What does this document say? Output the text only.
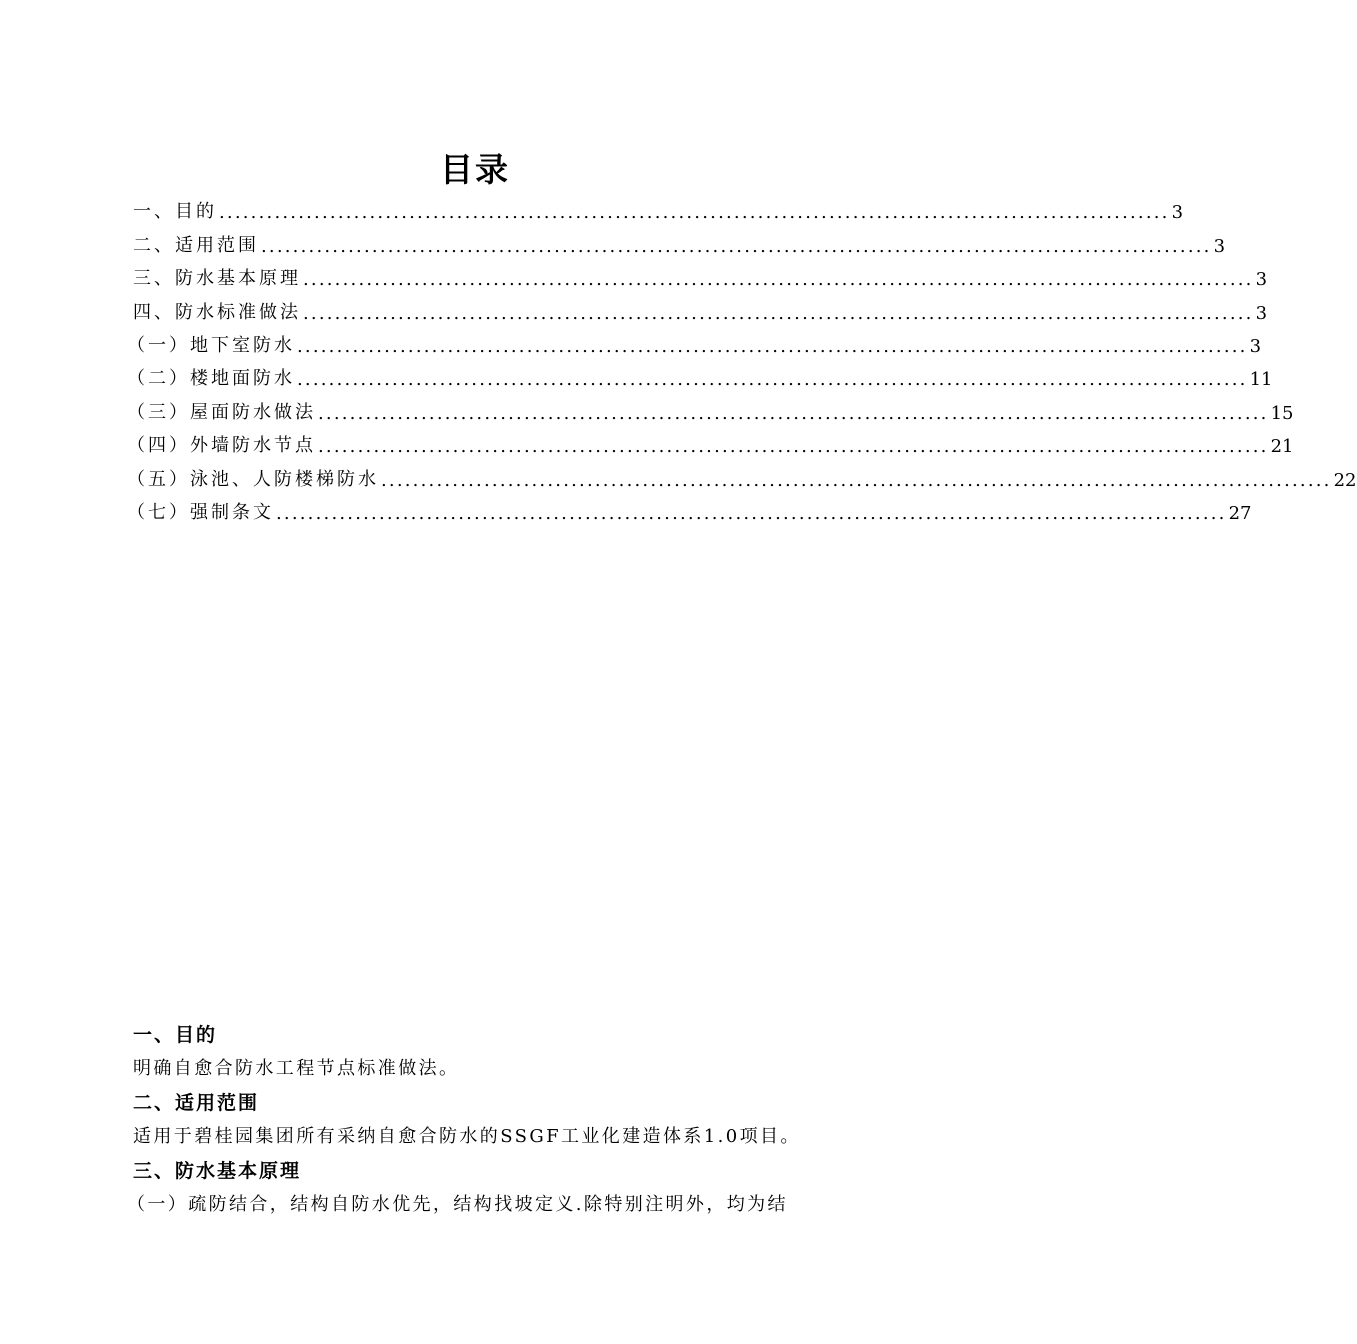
目录
一、目的 ........................................................................................................................ 3
二、适用范围 ........................................................................................................................ 3
三、防水基本原理 ........................................................................................................................ 3
四、防水标准做法 ........................................................................................................................ 3
（一）地下室防水 ........................................................................................................................ 3
（二）楼地面防水 ........................................................................................................................ 11
（三）屋面防水做法 ........................................................................................................................ 15
（四）外墙防水节点 ........................................................................................................................ 21
（五）泳池、人防楼梯防水 ........................................................................................................................ 22
（七）强制条文 ........................................................................................................................ 27
一、目的
明确自愈合防水工程节点标准做法。
二、适用范围
适用于碧桂园集团所有采纳自愈合防水的SSGF工业化建造体系1.0项目。
三、防水基本原理
（一）疏防结合，结构自防水优先，结构找坡定义.除特别注明外，均为结
